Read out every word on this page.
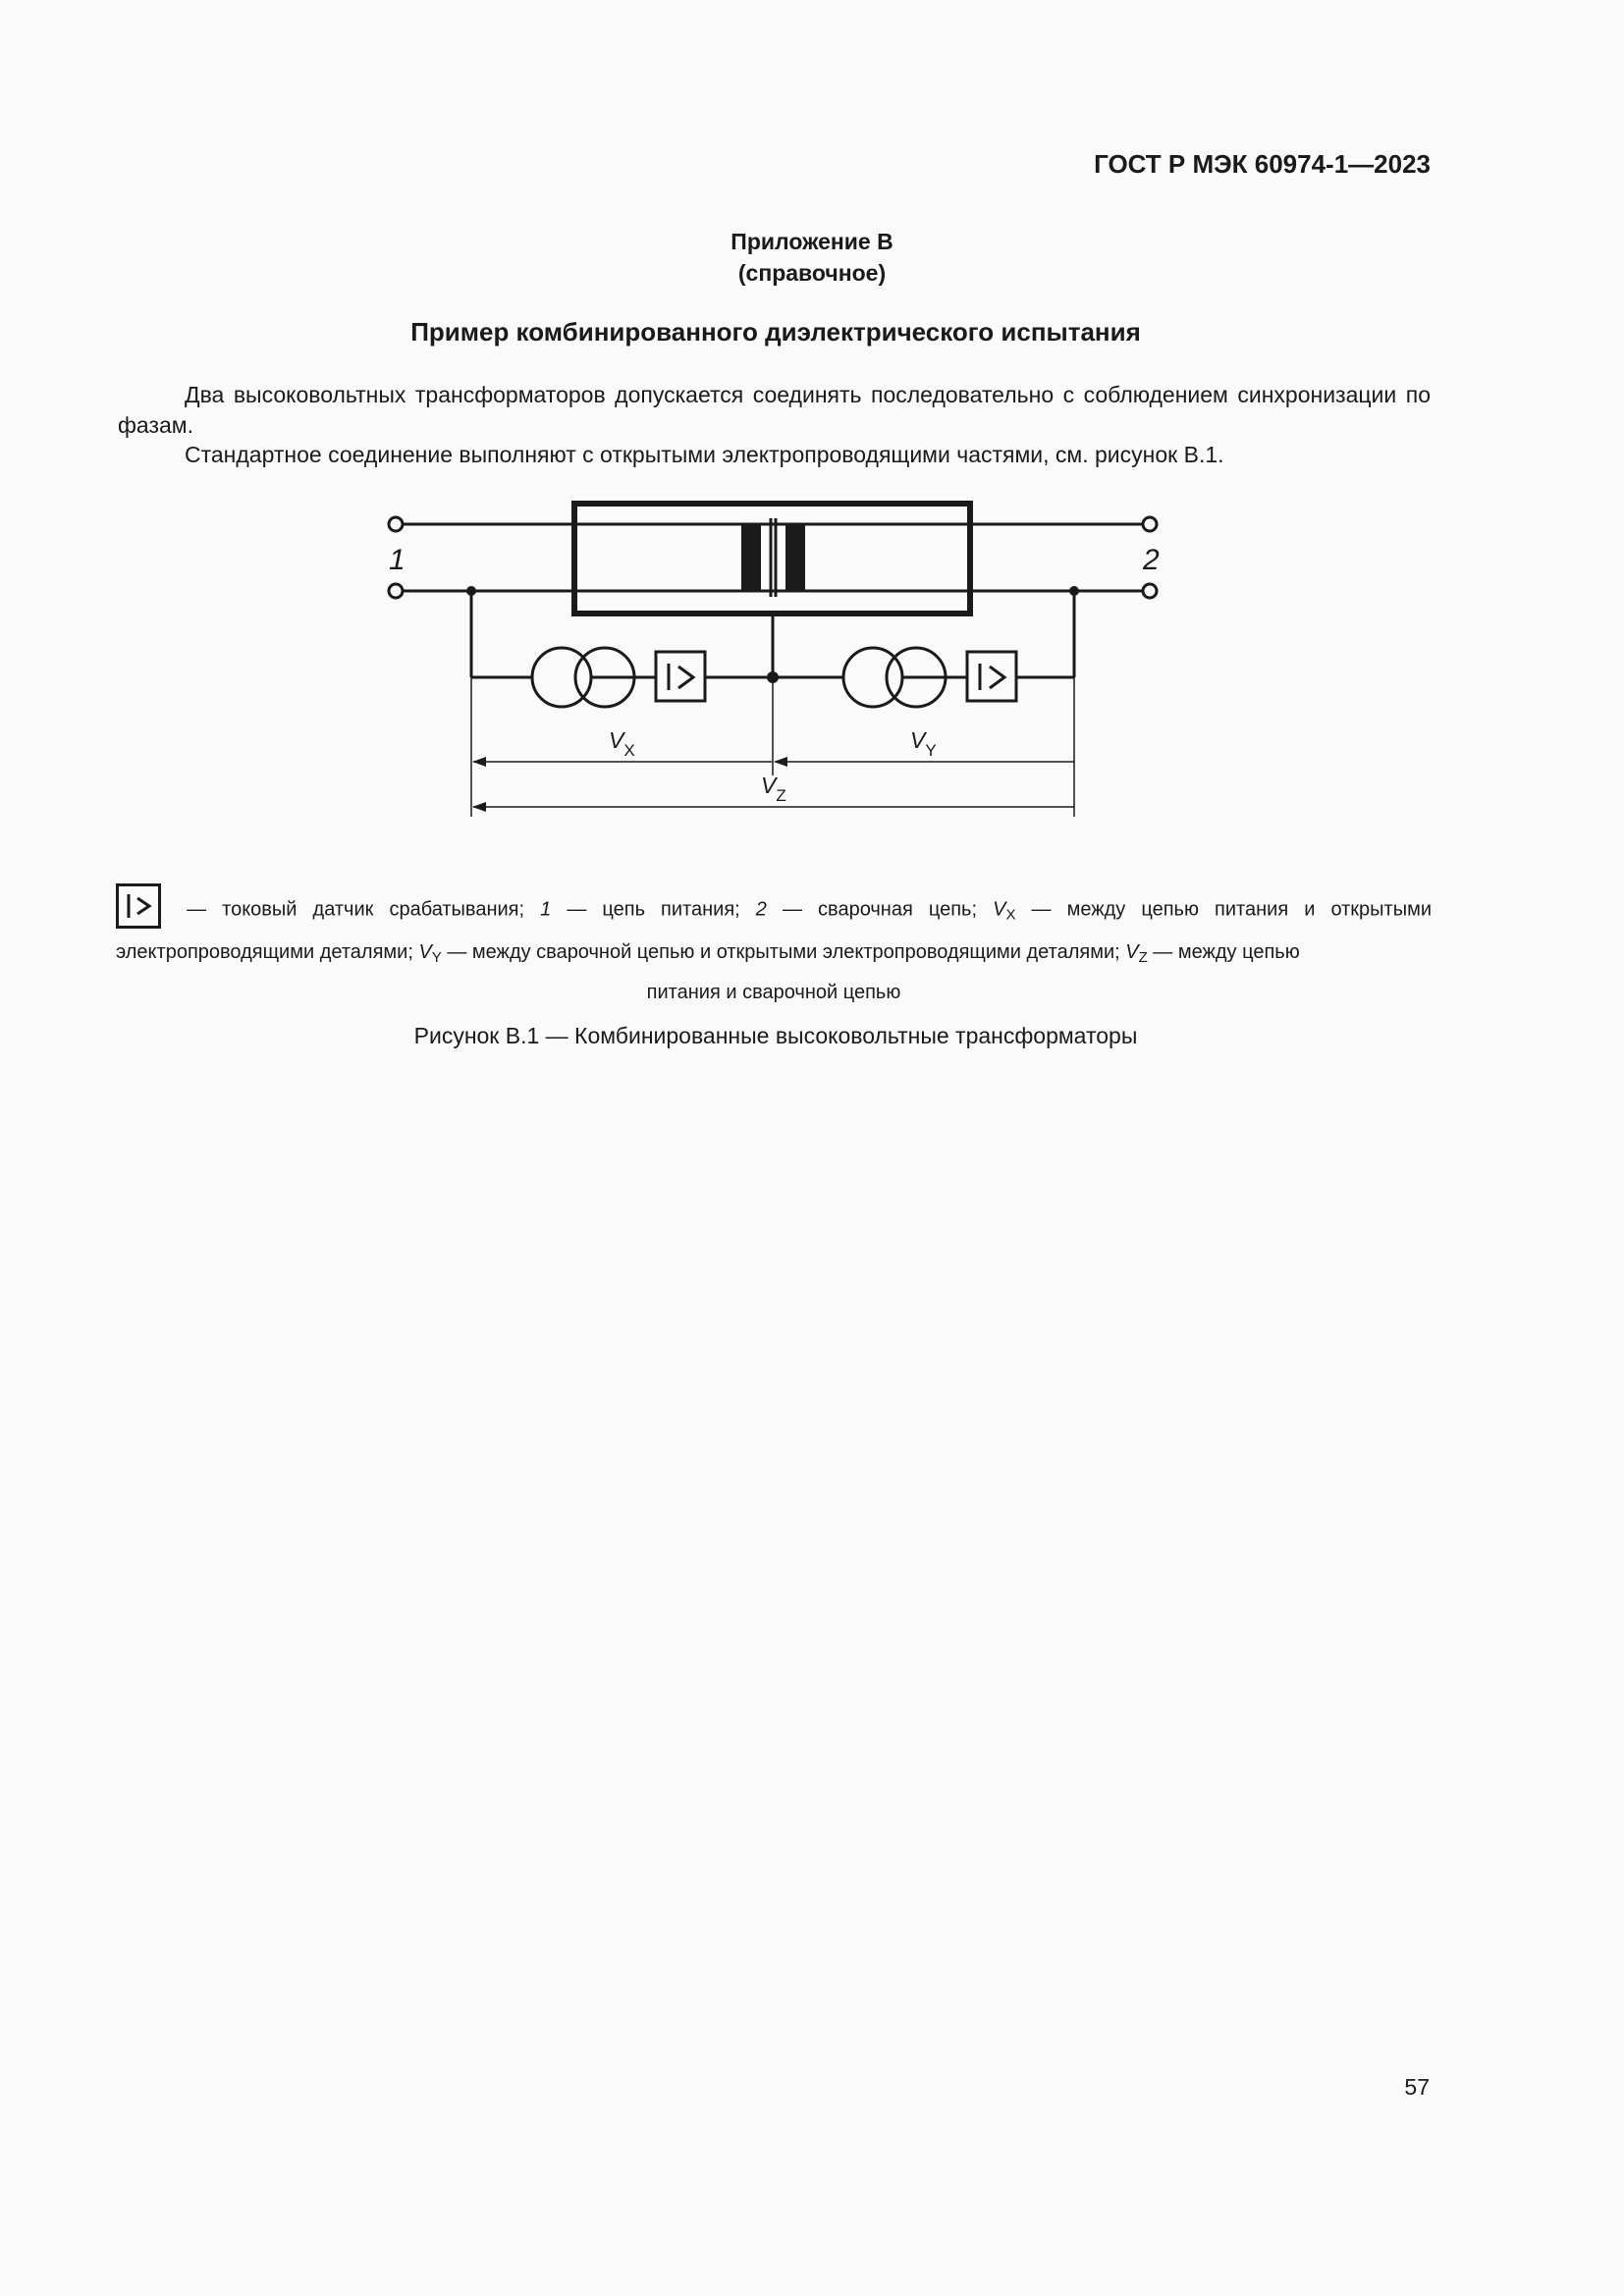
ГОСТ Р МЭК 60974-1—2023
Приложение В
(справочное)
Пример комбинированного диэлектрического испытания
Два высоковольтных трансформаторов допускается соединять последовательно с соблюдением синхронизации по фазам.
Стандартное соединение выполняют с открытыми электропроводящими частями, см. рисунок В.1.
1	2
$V_X$	$V_Y$
$V_Z$
— токовый датчик срабатывания; 1 — цепь питания; 2 — сварочная цепь; $V_X$ — между цепью питания и открытыми электропроводящими деталями; $V_Y$ — между сварочной цепью и открытыми электропроводящими деталями; $V_Z$ — между цепью
питания и сварочной цепью
Рисунок В.1 — Комбинированные высоковольтные трансформаторы
57
